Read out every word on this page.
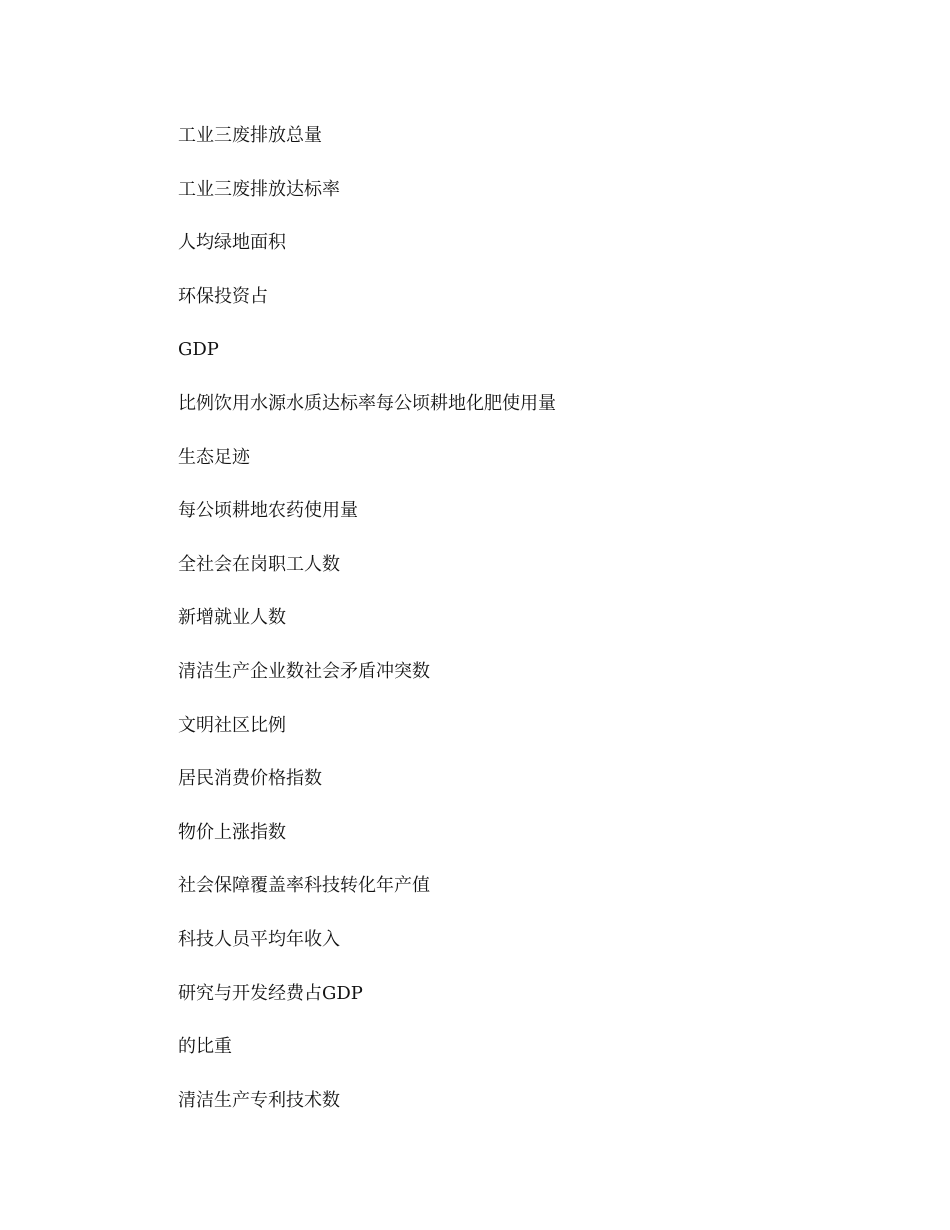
工业三废排放总量
工业三废排放达标率
人均绿地面积
环保投资占
GDP
比例饮用水源水质达标率每公顷耕地化肥使用量
生态足迹
每公顷耕地农药使用量
全社会在岗职工人数
新增就业人数
清洁生产企业数社会矛盾冲突数
文明社区比例
居民消费价格指数
物价上涨指数
社会保障覆盖率科技转化年产值
科技人员平均年收入
研究与开发经费占GDP
的比重
清洁生产专利技术数
